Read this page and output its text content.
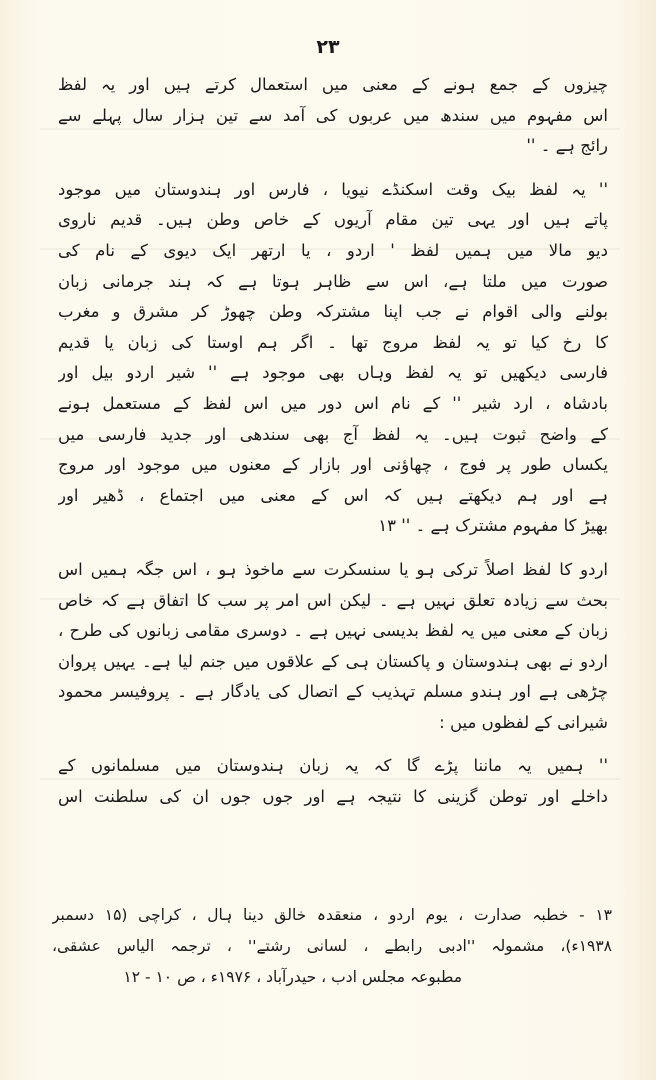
۲۳
چیزوں کے جمع ہونے کے معنی میں استعمال کرتے ہیں اور یہ لفظ
اس مفہوم میں سندھ میں عربوں کی آمد سے تین ہزار سال پہلے سے
رائج ہے ۔ ''
'' یہ لفظ بیک وقت اسکنڈے نیویا ، فارس اور ہندوستان میں موجود
پاتے ہیں اور یہی تین مقام آریوں کے خاص وطن ہیں۔ قدیم ناروی
دیو مالا میں ہمیں لفظ ' اردو ، یا ارتھر ایک دیوی کے نام کی
صورت میں ملتا ہے، اس سے ظاہر ہوتا ہے کہ ہند جرمانی زبان
بولنے والی اقوام نے جب اپنا مشترکہ وطن چھوڑ کر مشرق و مغرب
کا رخ کیا تو یہ لفظ مروج تھا ۔ اگر ہم اوستا کی زبان یا قدیم
فارسی دیکھیں تو یہ لفظ وہاں بھی موجود ہے '' شیر اردو بیل اور
بادشاہ ، ارد شیر '' کے نام اس دور میں اس لفظ کے مستعمل ہونے
کے واضح ثبوت ہیں۔ یہ لفظ آج بھی سندھی اور جدید فارسی میں
یکساں طور پر فوج ، چھاؤنی اور بازار کے معنوں میں موجود اور مروج
ہے اور ہم دیکھتے ہیں کہ اس کے معنی میں اجتماع ، ڈھیر اور
بھیڑ کا مفہوم مشترک ہے ۔ '' ۱۳
اردو کا لفظ اصلاً ترکی ہو یا سنسکرت سے ماخوذ ہو ، اس جگہ ہمیں اس
بحث سے زیادہ تعلق نہیں ہے ۔ لیکن اس امر پر سب کا اتفاق ہے کہ خاص
زبان کے معنی میں یہ لفظ بدیسی نہیں ہے ۔ دوسری مقامی زبانوں کی طرح ،
اردو نے بھی ہندوستان و پاکستان ہی کے علاقوں میں جنم لیا ہے۔ یہیں پروان
چڑھی ہے اور ہندو مسلم تہذیب کے اتصال کی یادگار ہے ۔ پروفیسر محمود
شیرانی کے لفظوں میں :
'' ہمیں یہ ماننا پڑے گا کہ یہ زبان ہندوستان میں مسلمانوں کے
داخلے اور توطن گزینی کا نتیجہ ہے اور جوں جوں ان کی سلطنت اس
۱۳ - خطبہ صدارت ، یوم اردو ، منعقدہ خالق دینا ہال ، کراچی (۱۵ دسمبر
۱۹۳۸ء)، مشمولہ ''ادبی رابطے ، لسانی رشتے'' ، ترجمہ الیاس عشقی،
مطبوعہ مجلس ادب ، حیدرآباد ، ۱۹۷۶ء ، ص ۱۰ - ۱۲
